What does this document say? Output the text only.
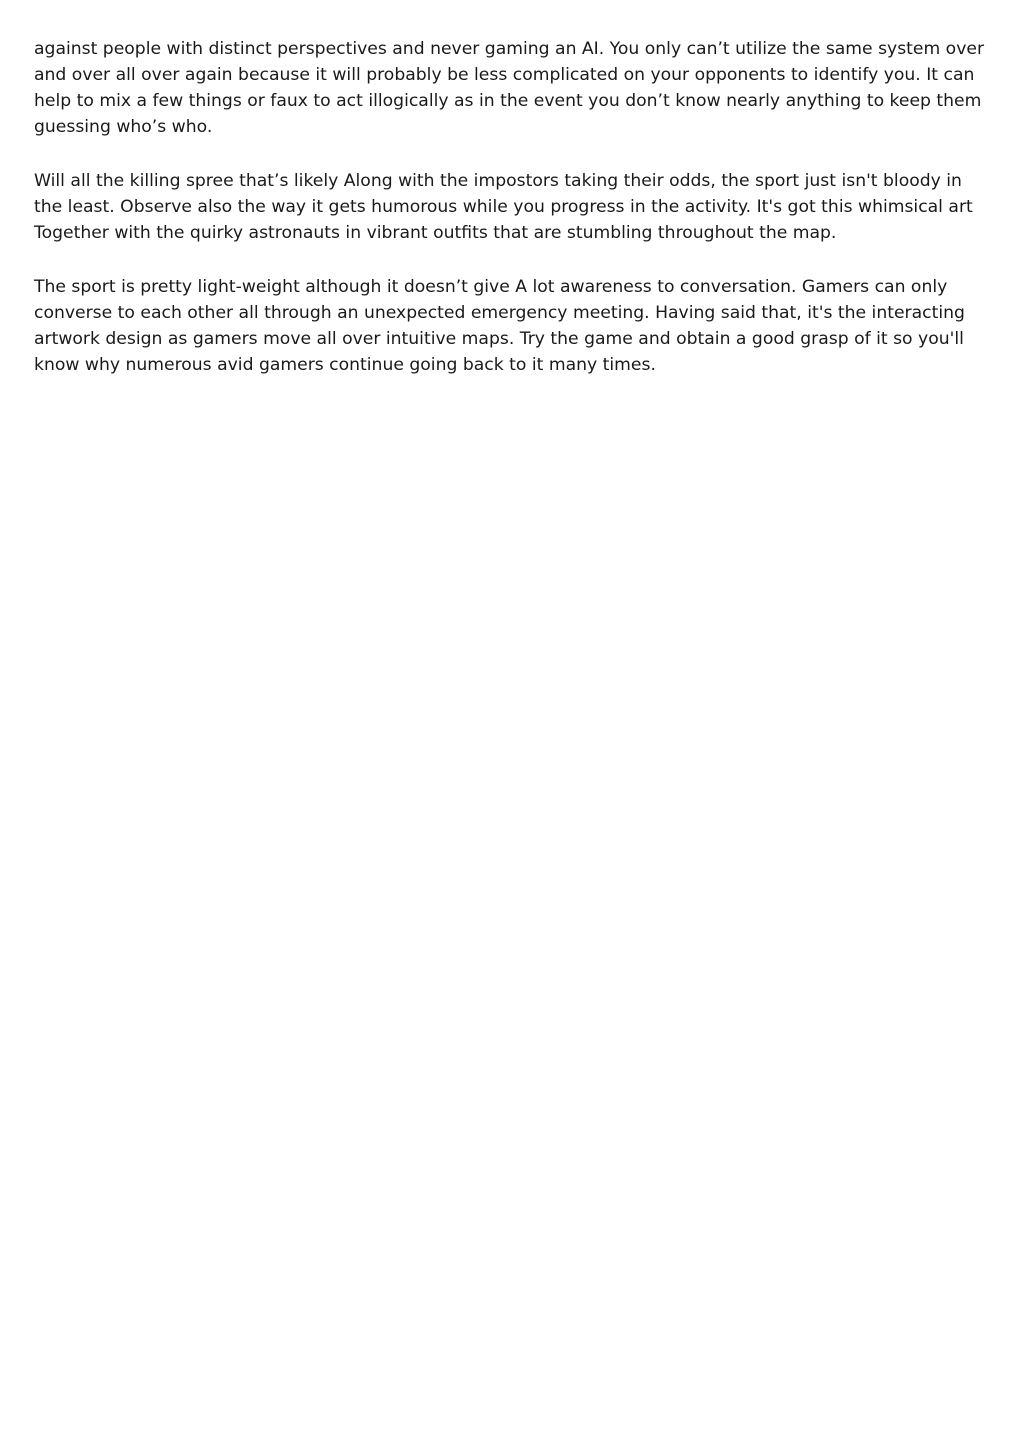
against people with distinct perspectives and never gaming an AI. You only can’t utilize the same system over and over all over again because it will probably be less complicated on your opponents to identify you. It can help to mix a few things or faux to act illogically as in the event you don’t know nearly anything to keep them guessing who’s who.

Will all the killing spree that’s likely Along with the impostors taking their odds, the sport just isn't bloody in the least. Observe also the way it gets humorous while you progress in the activity. It's got this whimsical art Together with the quirky astronauts in vibrant outfits that are stumbling throughout the map.

The sport is pretty light-weight although it doesn’t give A lot awareness to conversation. Gamers can only converse to each other all through an unexpected emergency meeting. Having said that, it's the interacting artwork design as gamers move all over intuitive maps. Try the game and obtain a good grasp of it so you'll know why numerous avid gamers continue going back to it many times.
